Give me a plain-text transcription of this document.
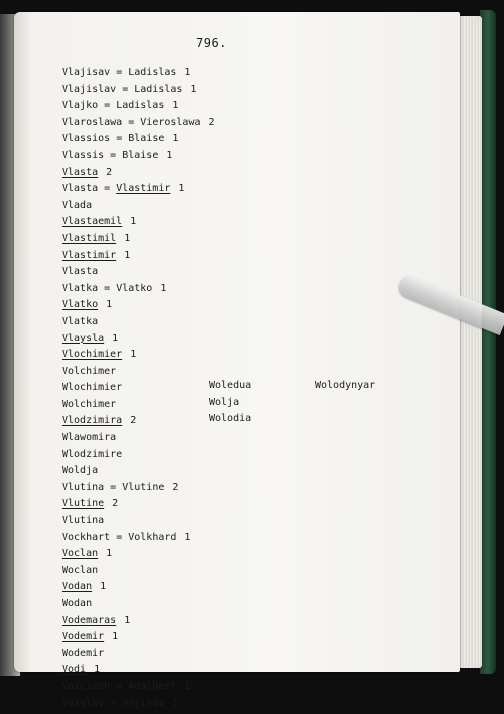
796.
Vlajisav = Ladislas 1
Vlajislav = Ladislas 1
Vlajko = Ladislas 1
Vlaroslawa = Vieroslawa 2
Vlassios = Blaise 1
Vlassis = Blaise 1
Vlasta 2
Vlasta = Vlastimir 1
Vlada
Vlastaemil 1
Vlastimil 1
Vlastimir 1
Vlasta
Vlatka = Vlatko 1
Vlatko 1
Vlatka
Vlaysla 1
Vlochimier 1
Volchimer
Wlochimier
Wolchimer
Vlodzimira 2
Wlawomira
Wlodzimire
Woldja
Vlutina = Vlutine 2
Vlutine 2
Vlutina
Vockhart = Volkhard 1
Voclan 1
Woclan
Vodan 1
Wodan
Vodemaras 1
Vodemir 1
Wodemir
Vodi 1
Voiciech = Adalbert 1
Voislav = Vojisav 1
Woledua
Wolja
Wolodia
Wolodynyar
